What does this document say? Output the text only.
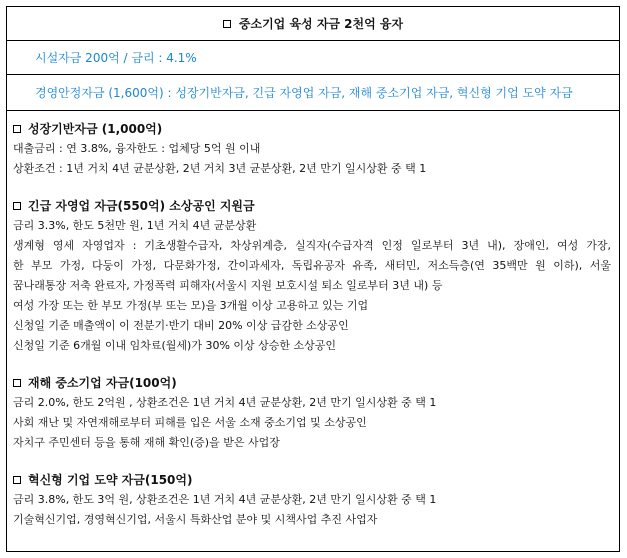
중소기업 육성 자금 2천억 융자
시설자금 200억 / 금리 : 4.1%
경영안정자금 (1,600억) : 성장기반자금, 긴급 자영업 자금, 재해 중소기업 자금, 혁신형 기업 도약 자금
성장기반자금 (1,000억)
대출금리 : 연 3.8%, 융자한도 : 업체당 5억 원 이내
상환조건 : 1년 거치 4년 균분상환, 2년 거치 3년 균분상환, 2년 만기 일시상환 중 택 1
긴급 자영업 자금(550억) 소상공인 지원금
금리 3.3%, 한도 5천만 원, 1년 거치 4년 균분상환
생계형 영세 자영업자 : 기초생활수급자, 차상위계층, 실직자(수급자격 인정 일로부터 3년 내), 장애인, 여성 가장,
한 부모 가정, 다둥이 가정, 다문화가정, 간이과세자, 독립유공자 유족, 새터민, 저소득층(연 35백만 원 이하), 서울
꿈나래통장 저축 완료자, 가정폭력 피해자(서울시 지원 보호시설 퇴소 일로부터 3년 내) 등
여성 가장 또는 한 부모 가정(부 또는 모)을 3개월 이상 고용하고 있는 기업
신청일 기준 매출액이 이 전분기·반기 대비 20% 이상 급감한 소상공인
신청일 기준 6개월 이내 임차료(월세)가 30% 이상 상승한 소상공인
재해 중소기업 자금(100억)
금리 2.0%, 한도 2억원 , 상환조건은 1년 거치 4년 균분상환, 2년 만기 일시상환 중 택 1
사회 재난 및 자연재해로부터 피해를 입은 서울 소재 중소기업 및 소상공인
자치구 주민센터 등을 통해 재해 확인(증)을 받은 사업장
혁신형 기업 도약 자금(150억)
금리 3.8%, 한도 3억 원, 상환조건은 1년 거치 4년 균분상환, 2년 만기 일시상환 중 택 1
기술혁신기업, 경영혁신기업, 서울시 특화산업 분야 및 시책사업 추진 사업자
